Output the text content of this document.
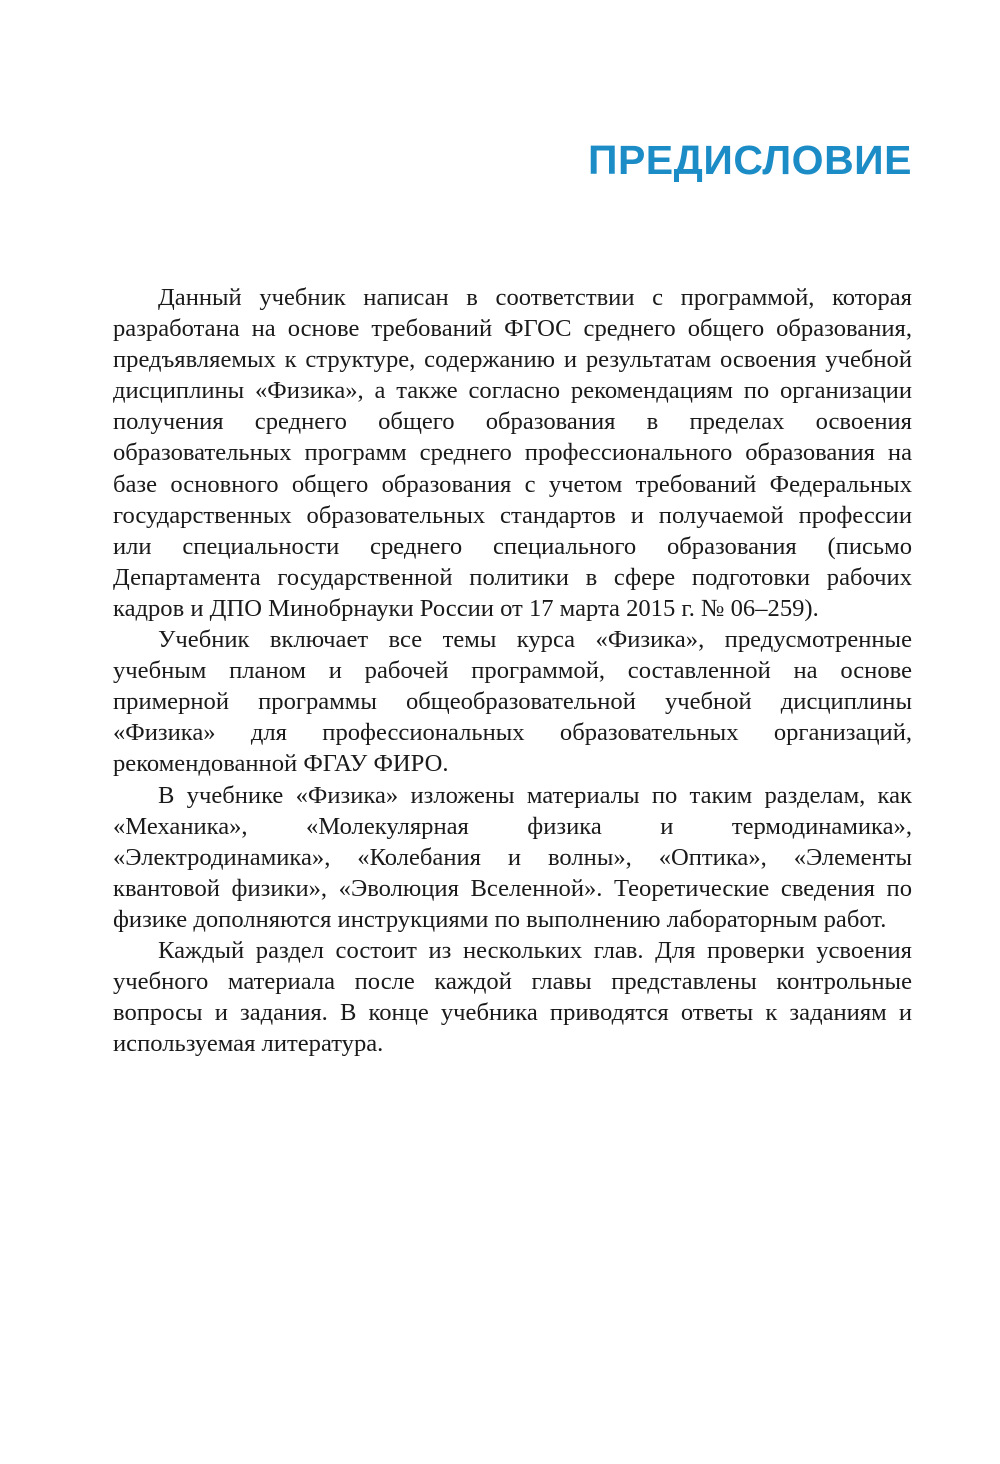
ПРЕДИСЛОВИЕ

Данный учебник написан в соответствии с программой, которая разработана на основе требований ФГОС среднего общего образования, предъявляемых к структуре, содержанию и результатам освоения учебной дисциплины «Физика», а также согласно рекомендациям по организации получения среднего общего образования в пределах освоения образовательных программ среднего профессионального образования на базе основного общего образования с учетом требований Федеральных государственных образовательных стандартов и получаемой профессии или специальности среднего специального образования (письмо Департамента государственной политики в сфере подготовки рабочих кадров и ДПО Минобрнауки России от 17 марта 2015 г. № 06–259).

Учебник включает все темы курса «Физика», предусмотренные учебным планом и рабочей программой, составленной на основе примерной программы общеобразовательной учебной дисциплины «Физика» для профессиональных образовательных организаций, рекомендованной ФГАУ ФИРО.

В учебнике «Физика» изложены материалы по таким разделам, как «Механика», «Молекулярная физика и термодинамика», «Электродинамика», «Колебания и волны», «Оптика», «Элементы квантовой физики», «Эволюция Вселенной». Теоретические сведения по физике дополняются инструкциями по выполнению лабораторным работ.

Каждый раздел состоит из нескольких глав. Для проверки усвоения учебного материала после каждой главы представлены контрольные вопросы и задания. В конце учебника приводятся ответы к заданиям и используемая литература.
